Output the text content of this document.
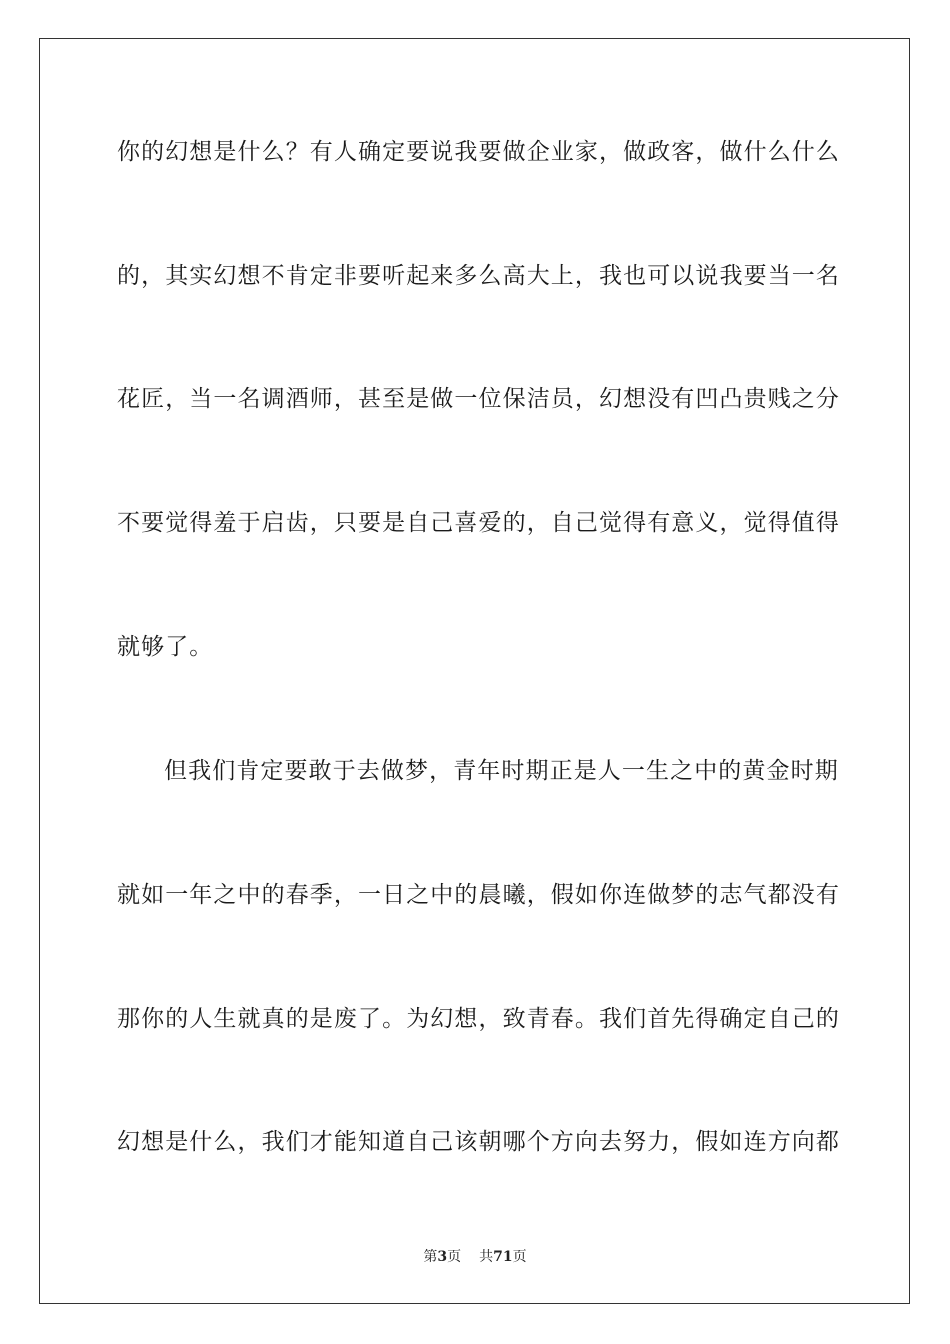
你的幻想是什么？有人确定要说我要做企业家，做政客，做什么什么
的，其实幻想不肯定非要听起来多么高大上，我也可以说我要当一名
花匠，当一名调酒师，甚至是做一位保洁员，幻想没有凹凸贵贱之分
不要觉得羞于启齿，只要是自己喜爱的，自己觉得有意义，觉得值得
就够了。
但我们肯定要敢于去做梦，青年时期正是人一生之中的黄金时期
就如一年之中的春季，一日之中的晨曦，假如你连做梦的志气都没有
那你的人生就真的是废了。为幻想，致青春。我们首先得确定自己的
幻想是什么，我们才能知道自己该朝哪个方向去努力，假如连方向都
第3页 共71页
